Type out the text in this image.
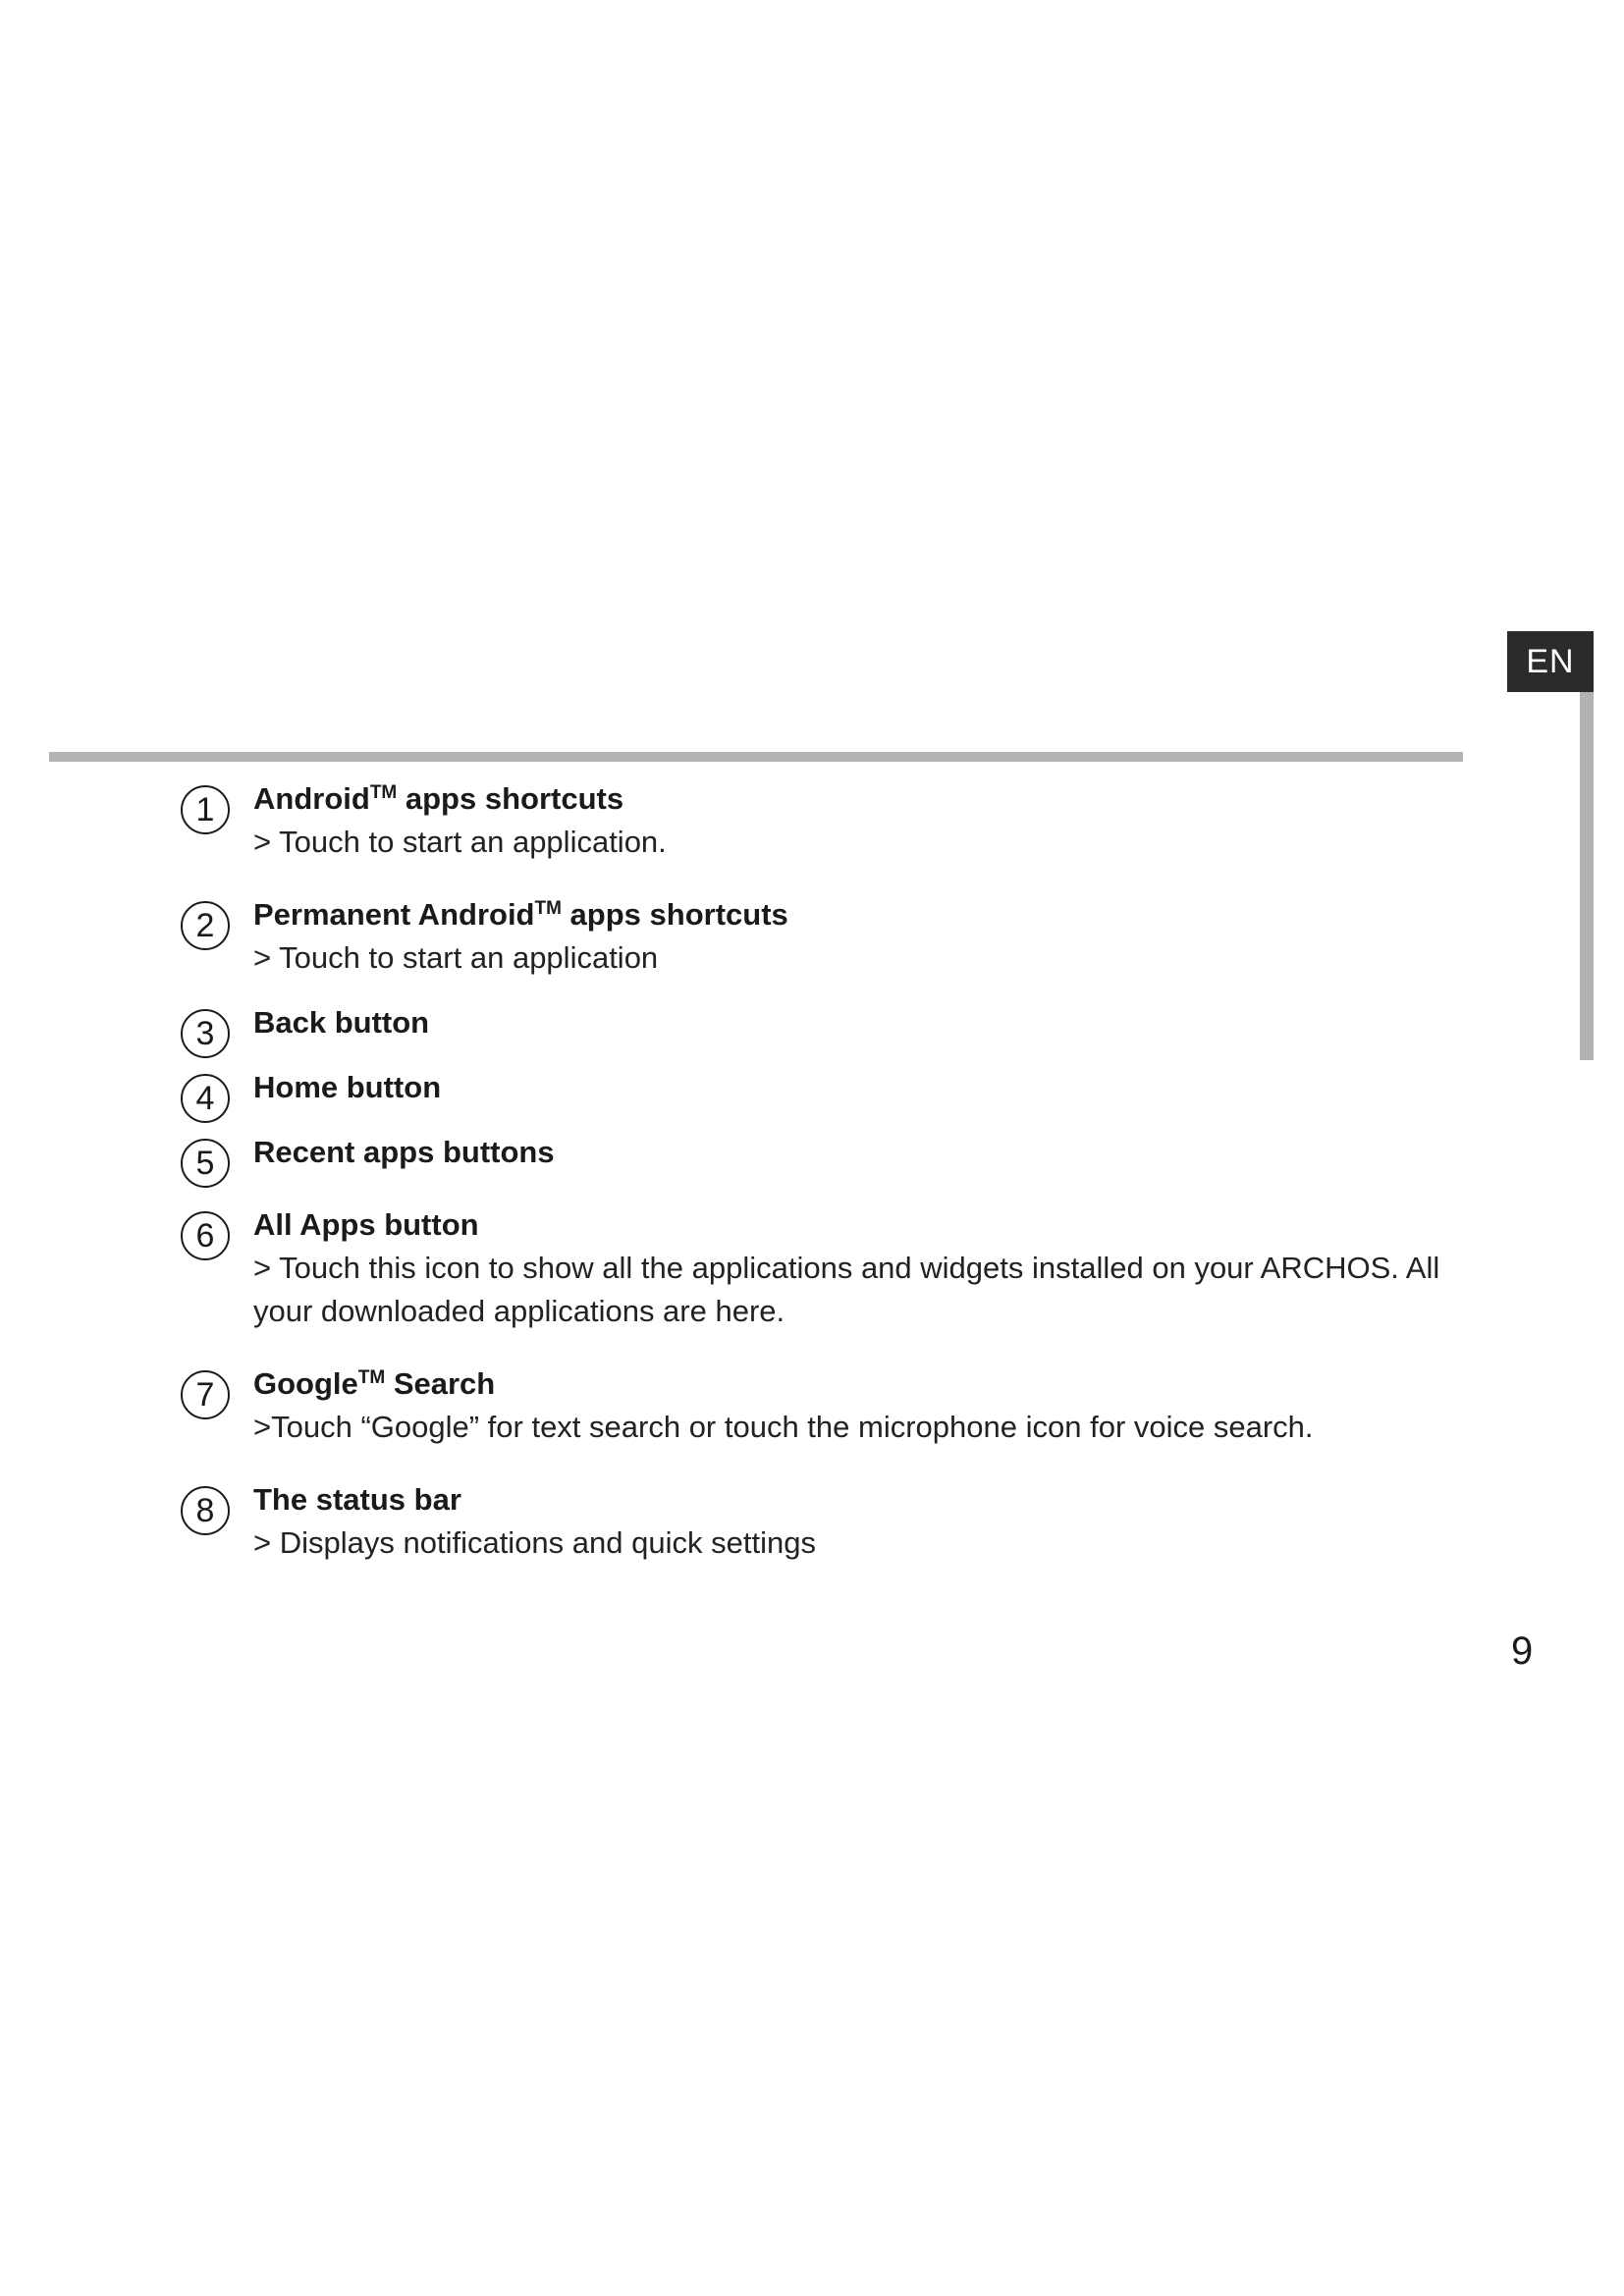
EN
1	Android™ apps shortcuts
> Touch to start an application.
2	Permanent Android™ apps shortcuts
> Touch to start an application
3	Back button
4	Home button
5	Recent apps buttons
6	All Apps button
> Touch this icon to show all the applications and widgets installed on your ARCHOS. All your downloaded applications are here.
7	Google™ Search
>Touch “Google” for text search or touch the microphone icon for voice search.
8	The status bar
> Displays notifications and quick settings
9
